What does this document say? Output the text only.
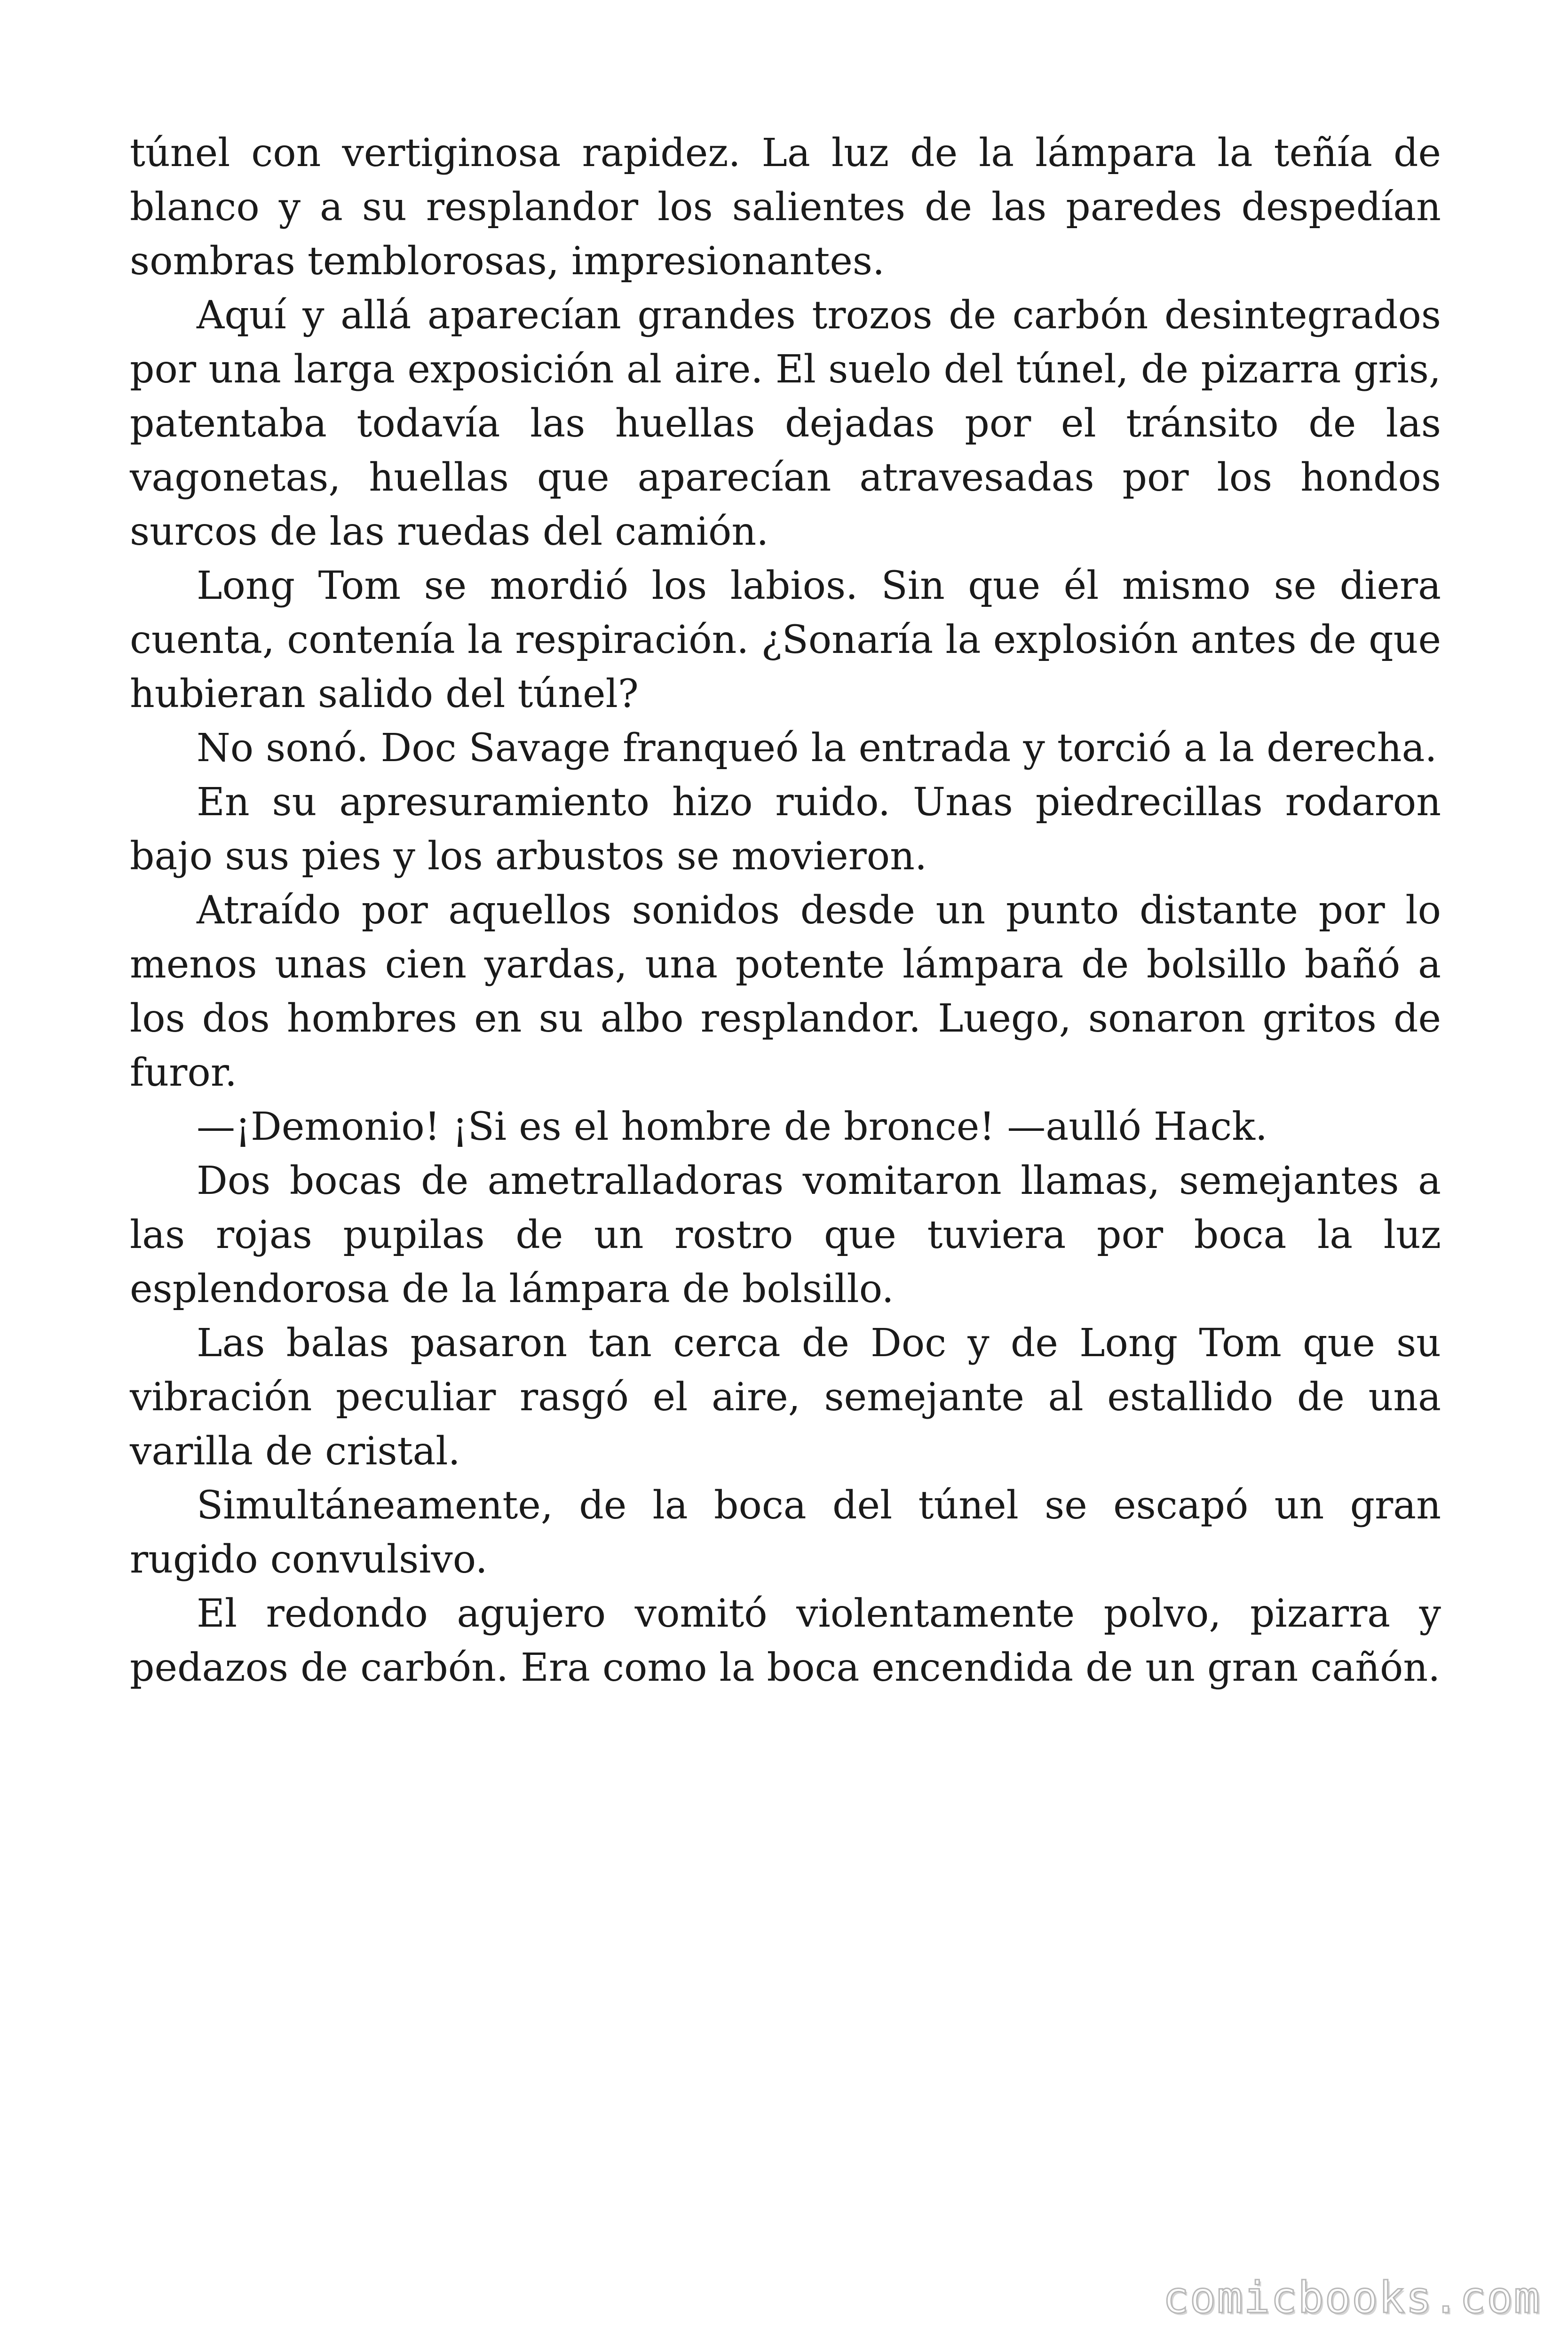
túnel con vertiginosa rapidez. La luz de la lámpara la teñía de blanco y a su resplandor los salientes de las paredes despedían sombras temblorosas, impresionantes.

Aquí y allá aparecían grandes trozos de carbón desintegrados por una larga exposición al aire. El suelo del túnel, de pizarra gris, patentaba todavía las huellas dejadas por el tránsito de las vagonetas, huellas que aparecían atravesadas por los hondos surcos de las ruedas del camión.

Long Tom se mordió los labios. Sin que él mismo se diera cuenta, contenía la respiración. ¿Sonaría la explosión antes de que hubieran salido del túnel?

No sonó. Doc Savage franqueó la entrada y torció a la derecha.

En su apresuramiento hizo ruido. Unas piedrecillas rodaron bajo sus pies y los arbustos se movieron.

Atraído por aquellos sonidos desde un punto distante por lo menos unas cien yardas, una potente lámpara de bolsillo bañó a los dos hombres en su albo resplandor. Luego, sonaron gritos de furor.

—¡Demonio! ¡Si es el hombre de bronce! —aulló Hack.

Dos bocas de ametralladoras vomitaron llamas, semejantes a las rojas pupilas de un rostro que tuviera por boca la luz esplendorosa de la lámpara de bolsillo.

Las balas pasaron tan cerca de Doc y de Long Tom que su vibración peculiar rasgó el aire, semejante al estallido de una varilla de cristal.

Simultáneamente, de la boca del túnel se escapó un gran rugido convulsivo.

El redondo agujero vomitó violentamente polvo, pizarra y pedazos de carbón. Era como la boca encendida de un gran cañón.

comicbooks.com
